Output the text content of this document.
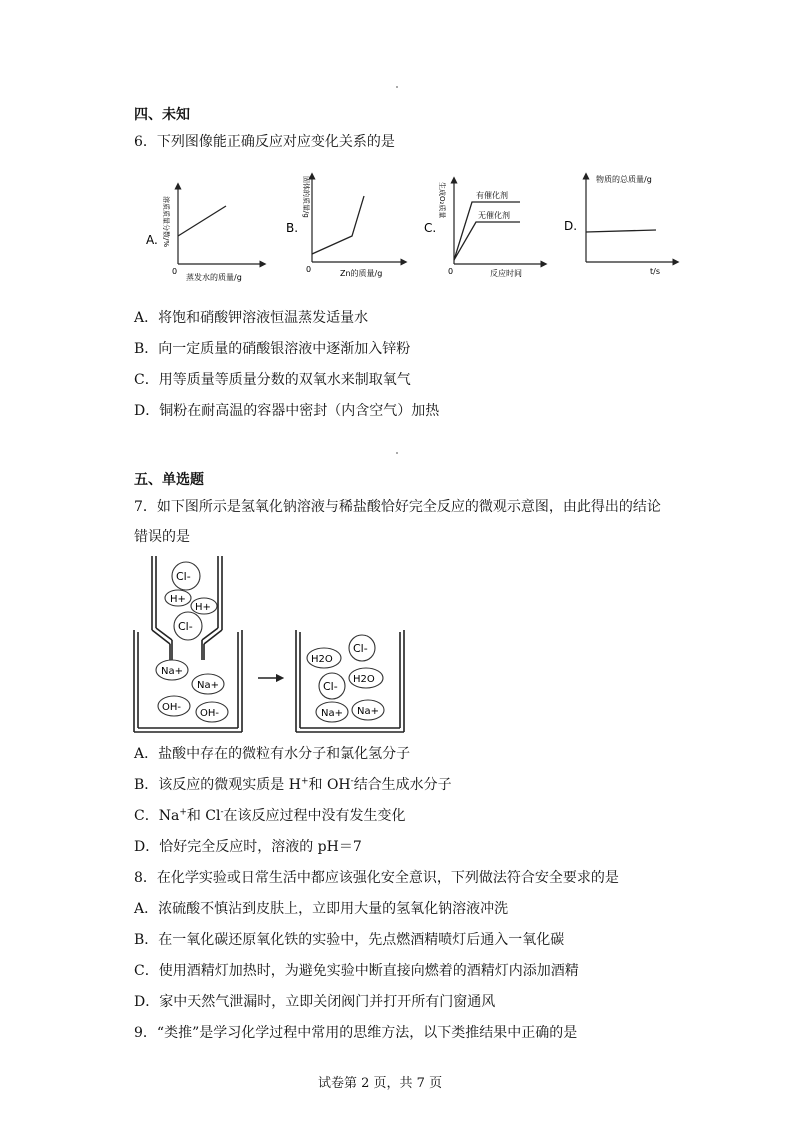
四、未知
6．下列图像能正确反应对应变化关系的是
A.
0
溶质质量分数/%
蒸发水的质量/g
B.
0
固体的质量/g
Zn的质量/g
C.
0
生成O₂质量	有催化剂
无催化剂
反应时间
D.
物质的总质量/g
t/s
A．将饱和硝酸钾溶液恒温蒸发适量水
B．向一定质量的硝酸银溶液中逐渐加入锌粉
C．用等质量等质量分数的双氧水来制取氧气
D．铜粉在耐高温的容器中密封（内含空气）加热
五、单选题
7．如下图所示是氢氧化钠溶液与稀盐酸恰好完全反应的微观示意图，由此得出的结论
错误的是
Cl-
H+
H+
Cl-
Na+
Na+
OH-
OH-
H2O
Cl-
Cl-
H2O
Na+ Na+
A．盐酸中存在的微粒有水分子和氯化氢分子
B．该反应的微观实质是 H+和 OH-结合生成水分子
C．Na+和 Cl-在该反应过程中没有发生变化
D．恰好完全反应时，溶液的 pH＝7
8．在化学实验或日常生活中都应该强化安全意识，下列做法符合安全要求的是
A．浓硫酸不慎沾到皮肤上，立即用大量的氢氧化钠溶液冲洗
B．在一氧化碳还原氧化铁的实验中，先点燃酒精喷灯后通入一氧化碳
C．使用酒精灯加热时，为避免实验中断直接向燃着的酒精灯内添加酒精
D．家中天然气泄漏时，立即关闭阀门并打开所有门窗通风
9．“类推”是学习化学过程中常用的思维方法，以下类推结果中正确的是
试卷第 2 页，共 7 页
